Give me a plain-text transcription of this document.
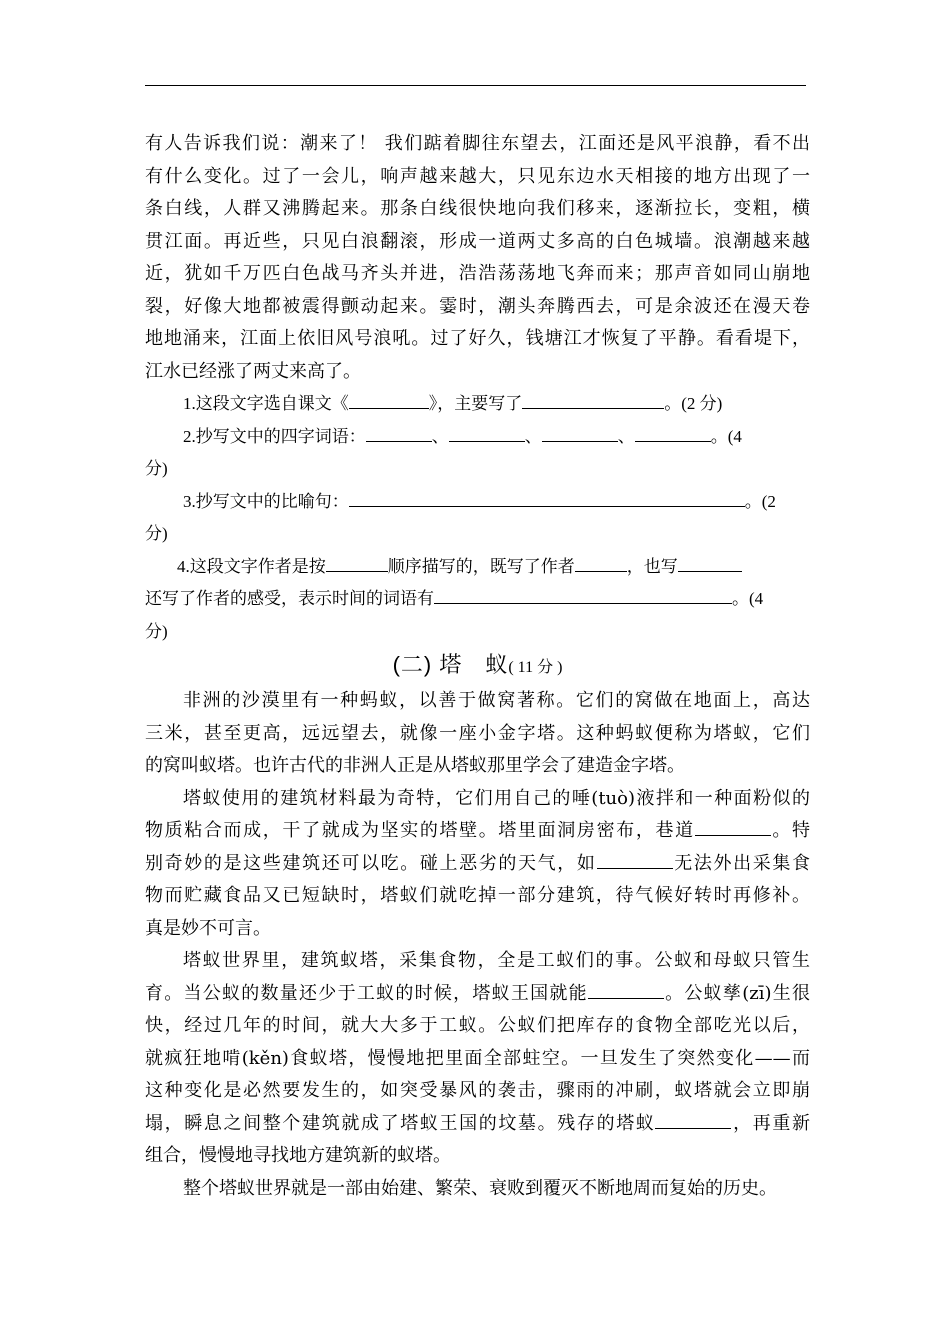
有人告诉我们说：潮来了！ 我们踮着脚往东望去，江面还是风平浪静，看不出

有什么变化。过了一会儿，响声越来越大，只见东边水天相接的地方出现了一

条白线，人群又沸腾起来。那条白线很快地向我们移来，逐渐拉长，变粗，横

贯江面。再近些，只见白浪翻滚，形成一道两丈多高的白色城墙。浪潮越来越

近，犹如千万匹白色战马齐头并进，浩浩荡荡地飞奔而来；那声音如同山崩地

裂，好像大地都被震得颤动起来。霎时，潮头奔腾西去，可是余波还在漫天卷

地地涌来，江面上依旧风号浪吼。过了好久，钱塘江才恢复了平静。看看堤下，

江水已经涨了两丈来高了。

1.这段文字选自课文《	》，主要写了	。(2 分)

2.抄写文中的四字词语：	、	、	、	。(4

分)

3.抄写文中的比喻句：	。(2

分)

4.这段文字作者是按	顺序描写的，既写了作者	，也写

还写了作者的感受，表示时间的词语有	。(4

分)

(二) 塔　蚁( 11 分 )

非洲的沙漠里有一种蚂蚁，以善于做窝著称。它们的窝做在地面上，高达

三米，甚至更高，远远望去，就像一座小金字塔。这种蚂蚁便称为塔蚁，它们

的窝叫蚁塔。也许古代的非洲人正是从塔蚁那里学会了建造金字塔。

塔蚁使用的建筑材料最为奇特，它们用自己的唾(tuò)液拌和一种面粉似的

物质粘合而成，干了就成为坚实的塔壁。塔里面洞房密布，巷道	。特

别奇妙的是这些建筑还可以吃。碰上恶劣的天气，如	无法外出采集食

物而贮藏食品又已短缺时，塔蚁们就吃掉一部分建筑，待气候好转时再修补。

真是妙不可言。

塔蚁世界里，建筑蚁塔，采集食物，全是工蚁们的事。公蚁和母蚁只管生

育。当公蚁的数量还少于工蚁的时候，塔蚁王国就能	。公蚁孳(zī)生很

快，经过几年的时间，就大大多于工蚁。公蚁们把库存的食物全部吃光以后，

就疯狂地啃(kěn)食蚁塔，慢慢地把里面全部蛀空。一旦发生了突然变化——而

这种变化是必然要发生的，如突受暴风的袭击，骤雨的冲刷，蚁塔就会立即崩

塌，瞬息之间整个建筑就成了塔蚁王国的坟墓。残存的塔蚁	，再重新

组合，慢慢地寻找地方建筑新的蚁塔。

整个塔蚁世界就是一部由始建、繁荣、衰败到覆灭不断地周而复始的历史。
